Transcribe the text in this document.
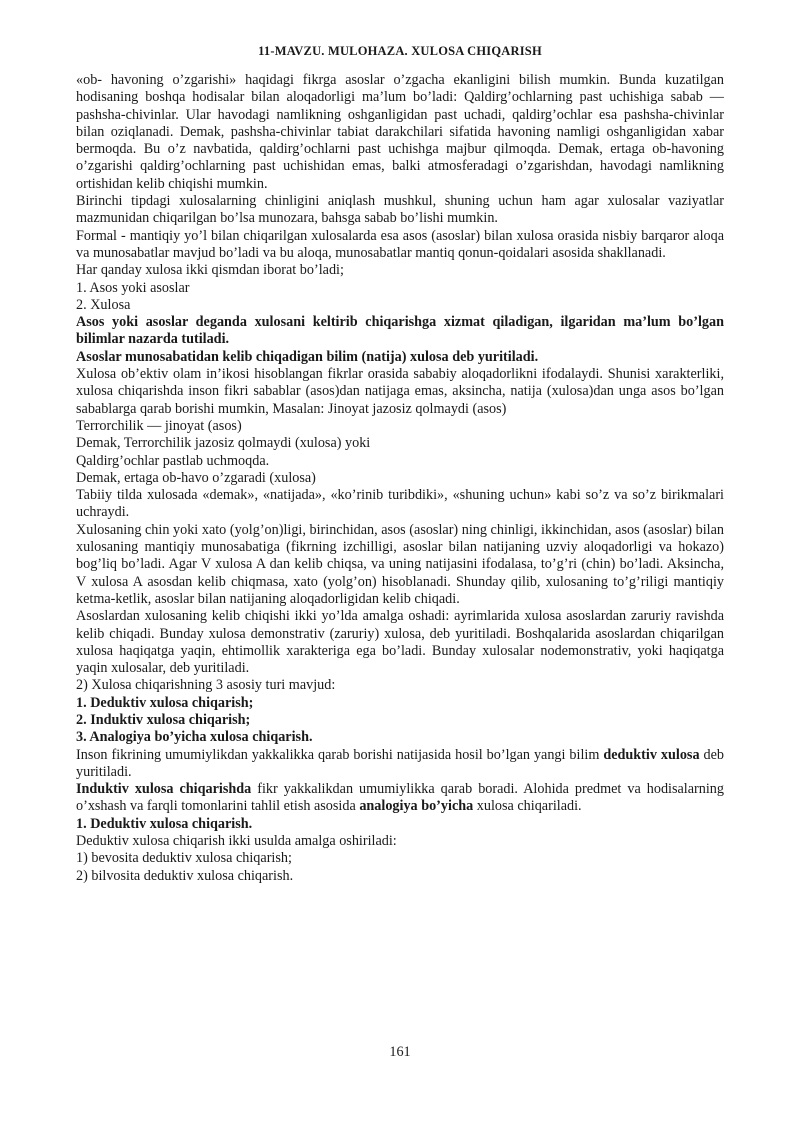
11-MAVZU. MULOHAZA. XULOSA CHIQARISH

«ob- havoning o’zgarishi» haqidagi fikrga asoslar o’zgacha ekanligini bilish mumkin. Bunda kuzatilgan hodisaning boshqa hodisalar bilan aloqadorligi ma’lum bo’ladi: Qaldirg’ochlarning past uchishiga sabab — pashsha-chivinlar. Ular havodagi namlikning oshganligidan past uchadi, qaldirg’ochlar esa pashsha-chivinlar bilan oziqlanadi. Demak, pashsha-chivinlar tabiat darakchilari sifatida havoning namligi oshganligidan xabar bermoqda. Bu o’z navbatida, qaldirg’ochlarni past uchishga majbur qilmoqda. Demak, ertaga ob-havoning o’zgarishi qaldirg’ochlarning past uchishidan emas, balki atmosferadagi o’zgarishdan, havodagi namlikning ortishidan kelib chiqishi mumkin.

Birinchi tipdagi xulosalarning chinligini aniqlash mushkul, shuning uchun ham agar xulosalar vaziyatlar mazmunidan chiqarilgan bo’lsa munozara, bahsga sabab bo’lishi mumkin.

Formal - mantiqiy yo’l bilan chiqarilgan xulosalarda esa asos (asoslar) bilan xulosa orasida nisbiy barqaror aloqa va munosabatlar mavjud bo’ladi va bu aloqa, munosabatlar mantiq qonun-qoidalari asosida shakllanadi.

Har qanday xulosa ikki qismdan iborat bo’ladi;

1. Asos yoki asoslar

2. Xulosa

Asos yoki asoslar deganda xulosani keltirib chiqarishga xizmat qiladigan, ilgaridan ma’lum bo’lgan bilimlar nazarda tutiladi.

Asoslar munosabatidan kelib chiqadigan bilim (natija) xulosa deb yuritiladi.

Xulosa ob’ektiv olam in’ikosi hisoblangan fikrlar orasida sababiy aloqadorlikni ifodalaydi. Shunisi xarakterliki, xulosa chiqarishda inson fikri sabablar (asos)dan natijaga emas, aksincha, natija (xulosa)dan unga asos bo’lgan sabablarga qarab borishi mumkin, Masalan: Jinoyat jazosiz qolmaydi (asos)

Terrorchilik — jinoyat (asos)

Demak, Terrorchilik jazosiz qolmaydi (xulosa) yoki

Qaldirg’ochlar pastlab uchmoqda.

Demak, ertaga ob-havo o’zgaradi (xulosa)

Tabiiy tilda xulosada «demak», «natijada», «ko’rinib turibdiki», «shuning uchun» kabi so’z va so’z birikmalari uchraydi.

Xulosaning chin yoki xato (yolg’on)ligi, birinchidan, asos (asoslar) ning chinligi, ikkinchidan, asos (asoslar) bilan xulosaning mantiqiy munosabatiga (fikrning izchilligi, asoslar bilan natijaning uzviy aloqadorligi va hokazo) bog’liq bo’ladi. Agar V xulosa A dan kelib chiqsa, va uning natijasini ifodalasa, to’g’ri (chin) bo’ladi. Aksincha, V xulosa A asosdan kelib chiqmasa, xato (yolg’on) hisoblanadi. Shunday qilib, xulosaning to’g’riligi mantiqiy ketma-ketlik, asoslar bilan natijaning aloqadorligidan kelib chiqadi.

Asoslardan xulosaning kelib chiqishi ikki yo’lda amalga oshadi: ayrimlarida xulosa asoslardan zaruriy ravishda kelib chiqadi. Bunday xulosa demonstrativ (zaruriy) xulosa, deb yuritiladi. Boshqalarida asoslardan chiqarilgan xulosa haqiqatga yaqin, ehtimollik xarakteriga ega bo’ladi. Bunday xulosalar nodemonstrativ, yoki haqiqatga yaqin xulosalar, deb yuritiladi.

2) Xulosa chiqarishning 3 asosiy turi mavjud:

1. Deduktiv xulosa chiqarish;

2. Induktiv xulosa chiqarish;

3. Analogiya bo’yicha xulosa chiqarish.

Inson fikrining umumiylikdan yakkalikka qarab borishi natijasida hosil bo’lgan yangi bilim deduktiv xulosa deb yuritiladi.

Induktiv xulosa chiqarishda fikr yakkalikdan umumiylikka qarab boradi. Alohida predmet va hodisalarning o’xshash va farqli tomonlarini tahlil etish asosida analogiya bo’yicha xulosa chiqariladi.

1. Deduktiv xulosa chiqarish.

Deduktiv xulosa chiqarish ikki usulda amalga oshiriladi:

1) bevosita deduktiv xulosa chiqarish;

2) bilvosita deduktiv xulosa chiqarish.

161
